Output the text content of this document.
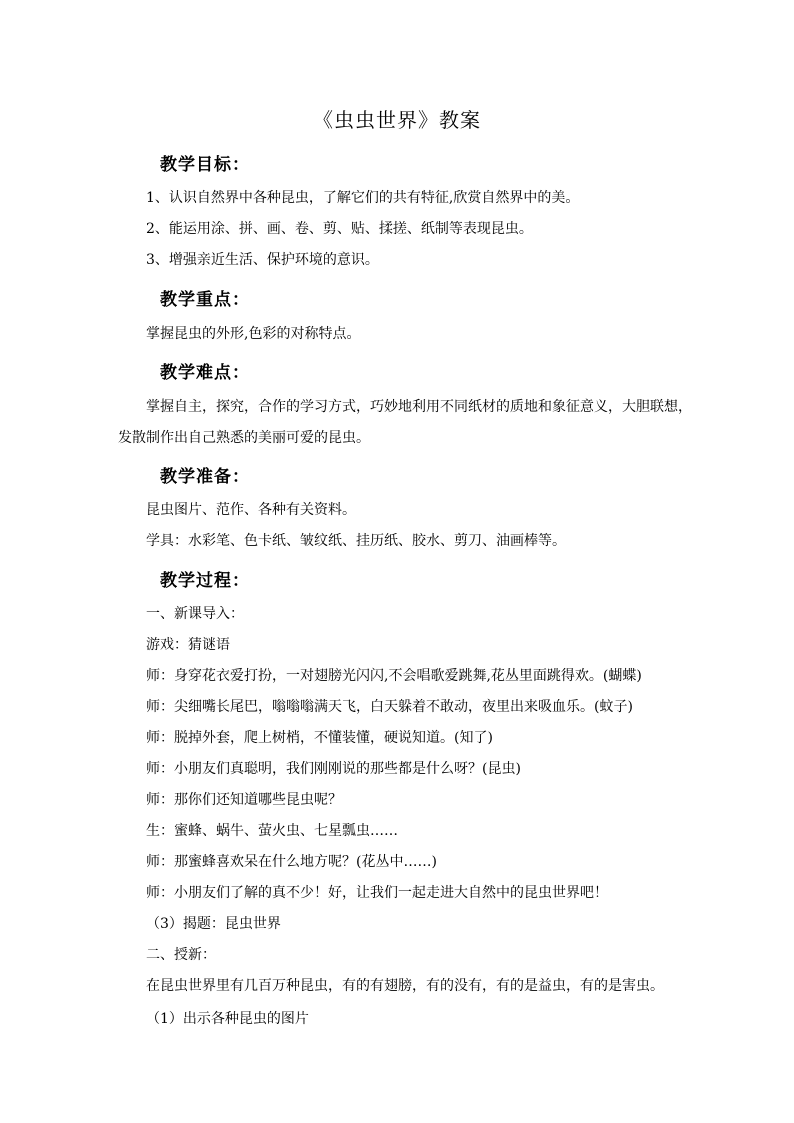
《虫虫世界》教案
教学目标：
1、认识自然界中各种昆虫，了解它们的共有特征,欣赏自然界中的美。
2、能运用涂、拼、画、卷、剪、贴、揉搓、纸制等表现昆虫。
3、增强亲近生活、保护环境的意识。
教学重点：
掌握昆虫的外形,色彩的对称特点。
教学难点：
掌握自主，探究，合作的学习方式，巧妙地利用不同纸材的质地和象征意义，大胆联想，
发散制作出自己熟悉的美丽可爱的昆虫。
教学准备：
昆虫图片、范作、各种有关资料。
学具：水彩笔、色卡纸、皱纹纸、挂历纸、胶水、剪刀、油画棒等。
教学过程：
一、新课导入：
游戏：猜谜语
师：身穿花衣爱打扮，一对翅膀光闪闪,不会唱歌爱跳舞,花丛里面跳得欢。(蝴蝶)
师：尖细嘴长尾巴，嗡嗡嗡满天飞，白天躲着不敢动，夜里出来吸血乐。(蚊子)
师：脱掉外套，爬上树梢，不懂装懂，硬说知道。(知了)
师：小朋友们真聪明，我们刚刚说的那些都是什么呀？(昆虫)
师：那你们还知道哪些昆虫呢？
生：蜜蜂、蜗牛、萤火虫、七星瓢虫……
师：那蜜蜂喜欢呆在什么地方呢？(花丛中……)
师：小朋友们了解的真不少！好，让我们一起走进大自然中的昆虫世界吧！
（3）揭题：昆虫世界
二、授新：
在昆虫世界里有几百万种昆虫，有的有翅膀，有的没有，有的是益虫，有的是害虫。
（1）出示各种昆虫的图片
